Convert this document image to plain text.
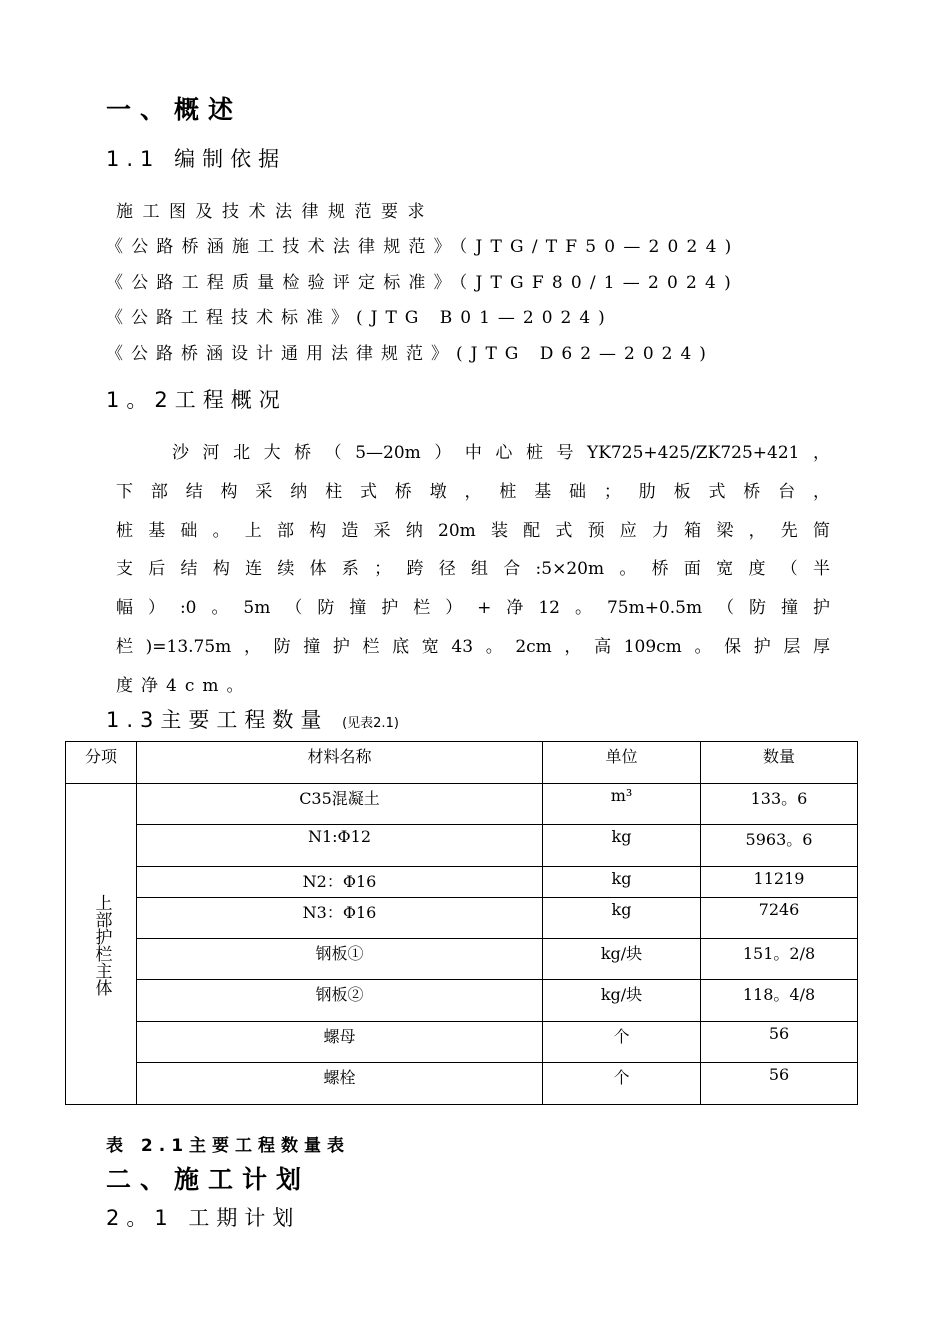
一、概述
1.1 编制依据
施工图及技术法律规范要求
《公路桥涵施工技术法律规范》（JTG/TF50—2024)
《公路工程质量检验评定标准》（JTGF80/1—2024)
《公路工程技术标准》(JTG B01—2024)
《公路桥涵设计通用法律规范》(JTG D62—2024)
1。2工程概况
沙河北大桥（5—20m）中心桩号YK725+425/ZK725+421，
下部结构采纳柱式桥墩，桩基础；肋板式桥台，
桩基础。上部构造采纳20m装配式预应力箱梁，先简
支后结构连续体系；跨径组合:5×20m。桥面宽度（半
幅）:0。5m（防撞护栏）+净12。75m+0.5m（防撞护
栏)=13.75m，防撞护栏底宽43。2cm，高109cm。保护层厚
度净4cm。
1.3主要工程数量 (见表2.1)
分项	材料名称	单位	数量

上部护栏主体	C35混凝土	m³	133。6
	N1:Φ12	kg	5963。6
	N2：Φ16	kg	11219
	N3：Φ16	kg	7246
	钢板①	kg/块	151。2/8
	钢板②	kg/块	118。4/8
	螺母	个	56
	螺栓	个	56
表 2.1主要工程数量表
二、施工计划
2。1 工期计划
